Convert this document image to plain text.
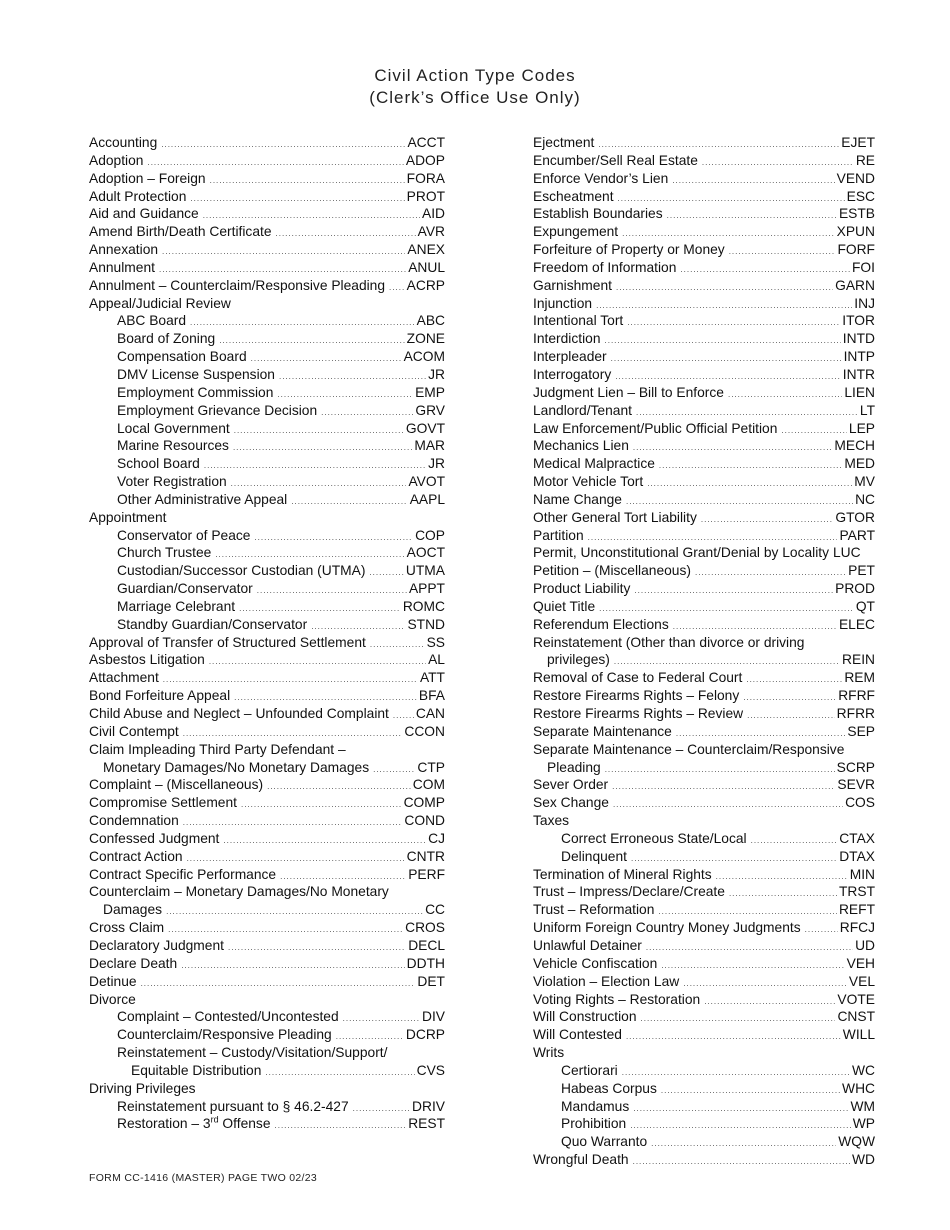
Civil Action Type Codes
(Clerk’s Office Use Only)
Accounting .....	ACCT
Adoption .....	ADOP
Adoption – Foreign .....	FORA
Adult Protection .....	PROT
Aid and Guidance .....	AID
Amend Birth/Death Certificate .....	AVR
Annexation .....	ANEX
Annulment .....	ANUL
Annulment – Counterclaim/Responsive Pleading ..... ACRP
Appeal/Judicial Review
ABC Board .....	ABC
Board of Zoning .....	ZONE
Compensation Board .....	ACOM
DMV License Suspension .....	JR
Employment Commission .....	EMP
Employment Grievance Decision .....	GRV
Local Government .....	GOVT
Marine Resources .....	MAR
School Board .....	JR
Voter Registration .....	AVOT
Other Administrative Appeal .....	AAPL
Appointment
Conservator of Peace .....	COP
Church Trustee .....	AOCT
Custodian/Successor Custodian (UTMA) .....	UTMA
Guardian/Conservator .....	APPT
Marriage Celebrant .....	ROMC
Standby Guardian/Conservator .....	STND
Approval of Transfer of Structured Settlement .....	SS
Asbestos Litigation .....	AL
Attachment .....	ATT
Bond Forfeiture Appeal .....	BFA
Child Abuse and Neglect – Unfounded Complaint ..... CAN
Civil Contempt .....	CCON
Claim Impleading Third Party Defendant –
Monetary Damages/No Monetary Damages .....	CTP
Complaint – (Miscellaneous) .....	COM
Compromise Settlement .....	COMP
Condemnation .....	COND
Confessed Judgment .....	CJ
Contract Action .....	CNTR
Contract Specific Performance .....	PERF
Counterclaim – Monetary Damages/No Monetary
Damages .....	CC
Cross Claim .....	CROS
Declaratory Judgment .....	DECL
Declare Death .....	DDTH
Detinue .....	DET
Divorce
Complaint – Contested/Uncontested .....	DIV
Counterclaim/Responsive Pleading .....	DCRP
Reinstatement – Custody/Visitation/Support/
Equitable Distribution .....	CVS
Driving Privileges
Reinstatement pursuant to § 46.2-427 .....	DRIV
Restoration – 3rd Offense .....	REST
Ejectment .....	EJET
Encumber/Sell Real Estate .....	RE
Enforce Vendor’s Lien .....	VEND
Escheatment .....	ESC
Establish Boundaries .....	ESTB
Expungement .....	XPUN
Forfeiture of Property or Money .....	FORF
Freedom of Information .....	FOI
Garnishment .....	GARN
Injunction .....	INJ
Intentional Tort .....	ITOR
Interdiction .....	INTD
Interpleader .....	INTP
Interrogatory .....	INTR
Judgment Lien – Bill to Enforce .....	LIEN
Landlord/Tenant .....	LT
Law Enforcement/Public Official Petition .....	LEP
Mechanics Lien .....	MECH
Medical Malpractice .....	MED
Motor Vehicle Tort .....	MV
Name Change .....	NC
Other General Tort Liability .....	GTOR
Partition .....	PART
Permit, Unconstitutional Grant/Denial by Locality LUC
Petition – (Miscellaneous) .....	PET
Product Liability .....	PROD
Quiet Title .....	QT
Referendum Elections .....	ELEC
Reinstatement (Other than divorce or driving
privileges) .....	REIN
Removal of Case to Federal Court .....	REM
Restore Firearms Rights – Felony .....	RFRF
Restore Firearms Rights – Review .....	RFRR
Separate Maintenance .....	SEP
Separate Maintenance – Counterclaim/Responsive
Pleading .....	SCRP
Sever Order .....	SEVR
Sex Change .....	COS
Taxes
Correct Erroneous State/Local .....	CTAX
Delinquent .....	DTAX
Termination of Mineral Rights .....	MIN
Trust – Impress/Declare/Create .....	TRST
Trust – Reformation .....	REFT
Uniform Foreign Country Money Judgments .....	RFCJ
Unlawful Detainer .....	UD
Vehicle Confiscation .....	VEH
Violation – Election Law .....	VEL
Voting Rights – Restoration .....	VOTE
Will Construction .....	CNST
Will Contested .....	WILL
Writs
Certiorari .....	WC
Habeas Corpus .....	WHC
Mandamus .....	WM
Prohibition .....	WP
Quo Warranto .....	WQW
Wrongful Death .....	WD
FORM CC-1416 (MASTER) PAGE TWO 02/23
